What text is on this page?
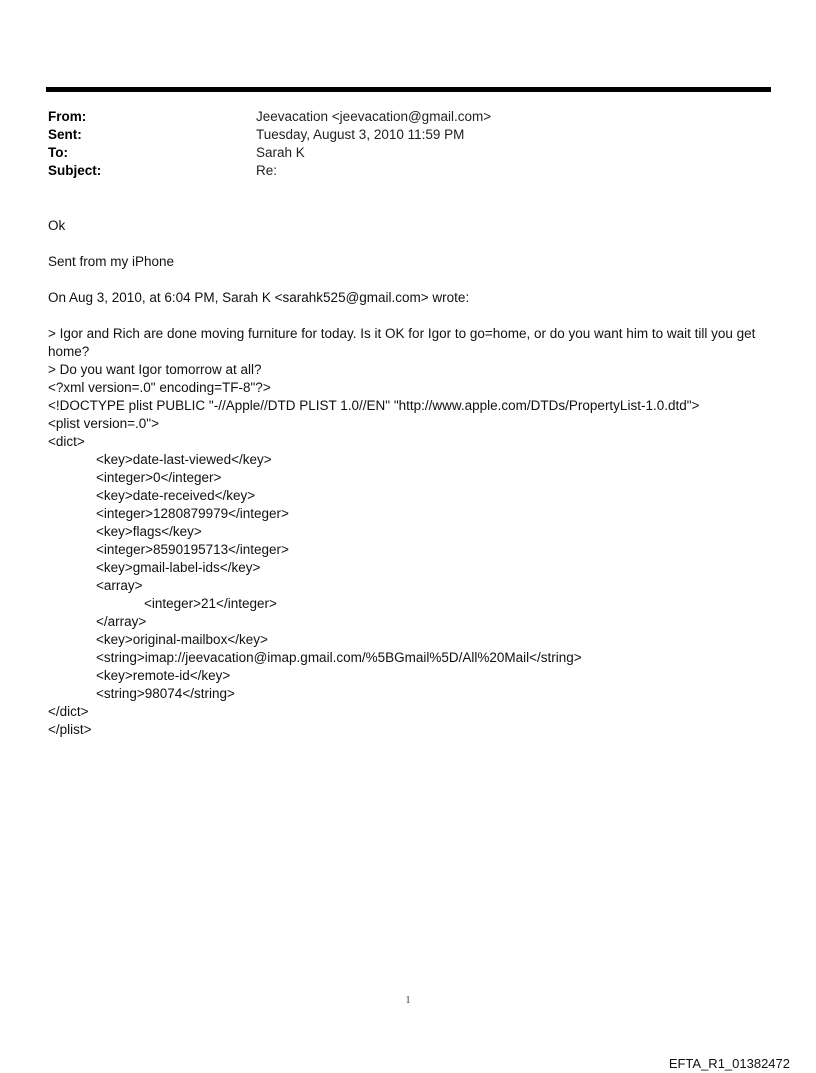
From:	Jeevacation <jeevacation@gmail.com>
Sent:	Tuesday, August 3, 2010 11:59 PM
To:	Sarah K
Subject:	Re:

Ok

Sent from my iPhone

On Aug 3, 2010, at 6:04 PM, Sarah K <sarahk525@gmail.com> wrote:

> Igor and Rich are done moving furniture for today. Is it OK for Igor to go=home, or do you want him to wait till you get home?

> Do you want Igor tomorrow at all?

<?xml version=.0" encoding=TF-8"?>
<!DOCTYPE plist PUBLIC "-//Apple//DTD PLIST 1.0//EN" "http://www.apple.com/DTDs/PropertyList-1.0.dtd">
<plist version=.0">
<dict>
<key>date-last-viewed</key>
<integer>0</integer>
<key>date-received</key>
<integer>1280879979</integer>
<key>flags</key>
<integer>8590195713</integer>
<key>gmail-label-ids</key>
<array>
<integer>21</integer>
</array>
<key>original-mailbox</key>
<string>imap://jeevacation@imap.gmail.com/%5BGmail%5D/All%20Mail</string>
<key>remote-id</key>
<string>98074</string>
</dict>
</plist>
1
EFTA_R1_01382472
